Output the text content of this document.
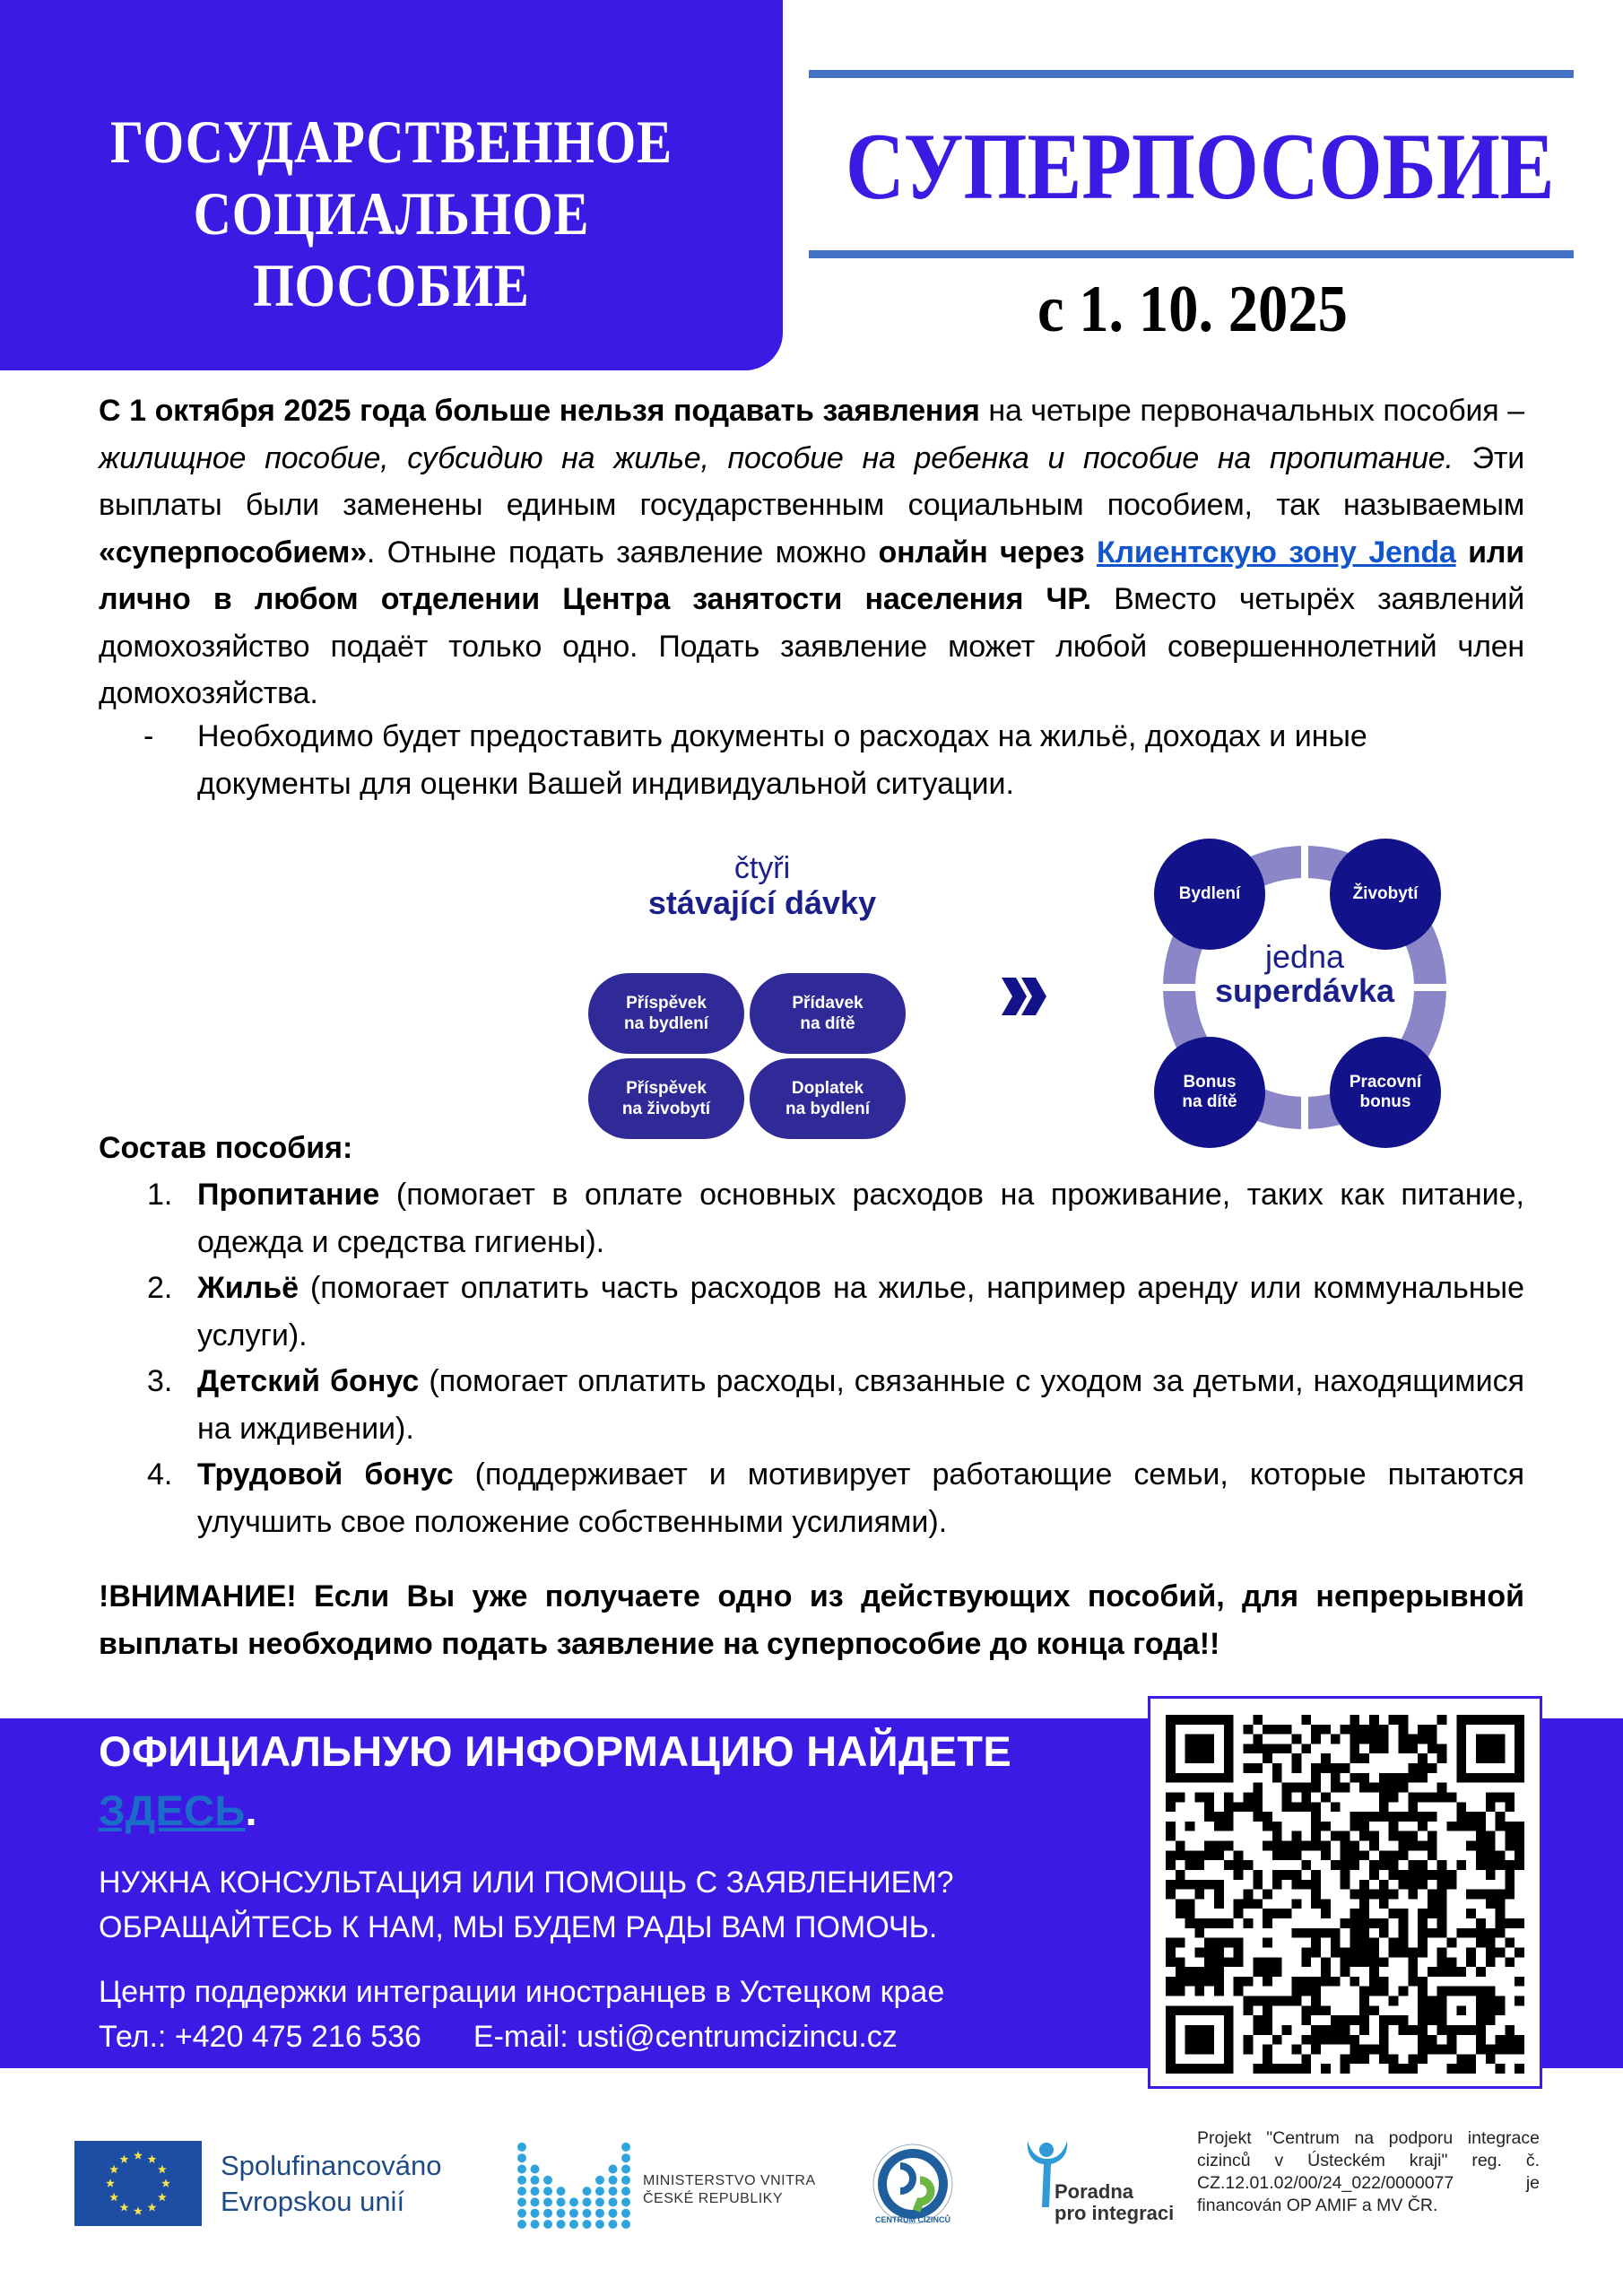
ГОСУДАРСТВЕННОЕ
СОЦИАЛЬНОЕ
ПОСОБИЕ
СУПЕРПОСОБИЕ
с 1. 10. 2025
С 1 октября 2025 года больше нельзя подавать заявления на четыре первоначальных пособия – жилищное пособие, субсидию на жилье, пособие на ребенка и пособие на пропитание. Эти выплаты были заменены единым государственным социальным пособием, так называемым «суперпособием». Отныне подать заявление можно онлайн через Клиентскую зону Jenda или лично в любом отделении Центра занятости населения ЧР. Вместо четырёх заявлений домохозяйство подаёт только одно. Подать заявление может любой совершеннолетний член домохозяйства.
- Необходимо будет предоставить документы о расходах на жильё, доходах и иные документы для оценки Вашей индивидуальной ситуации.
čtyři
stávající dávky
Příspěvek
na bydlení
Přídavek
na dítě
Příspěvek
na živobytí
Doplatek
na bydlení
Bydlení	Živobytí
Bonus
na dítě
Pracovní
bonus
jedna
superdávka
Состав пособия:
1. Пропитание (помогает в оплате основных расходов на проживание, таких как питание, одежда и средства гигиены).
2. Жильё (помогает оплатить часть расходов на жилье, например аренду или коммунальные услуги).
3. Детский бонус (помогает оплатить расходы, связанные с уходом за детьми, находящимися на иждивении).
4. Трудовой бонус (поддерживает и мотивирует работающие семьи, которые пытаются улучшить свое положение собственными усилиями).
!ВНИМАНИЕ! Если Вы уже получаете одно из действующих пособий, для непрерывной выплаты необходимо подать заявление на суперпособие до конца года!!
ОФИЦИАЛЬНУЮ ИНФОРМАЦИЮ НАЙДЕТЕ ЗДЕСЬ.
НУЖНА КОНСУЛЬТАЦИЯ ИЛИ ПОМОЩЬ С ЗАЯВЛЕНИЕМ?
ОБРАЩАЙТЕСЬ К НАМ, МЫ БУДЕМ РАДЫ ВАМ ПОМОЧЬ.
Центр поддержки интеграции иностранцев в Устецком крае
Тел.: +420 475 216 536 E-mail: usti@centrumcizincu.cz
Spolufinancováno
Evropskou unií
MINISTERSTVO VNITRA
ČESKÉ REPUBLIKY
CENTRUM CIZINCŮ
Poradna
pro integraci
Projekt "Centrum na podporu integrace cizinců v Ústeckém kraji" reg. č. CZ.12.01.02/00/24_022/0000077 je financován OP AMIF a MV ČR.
